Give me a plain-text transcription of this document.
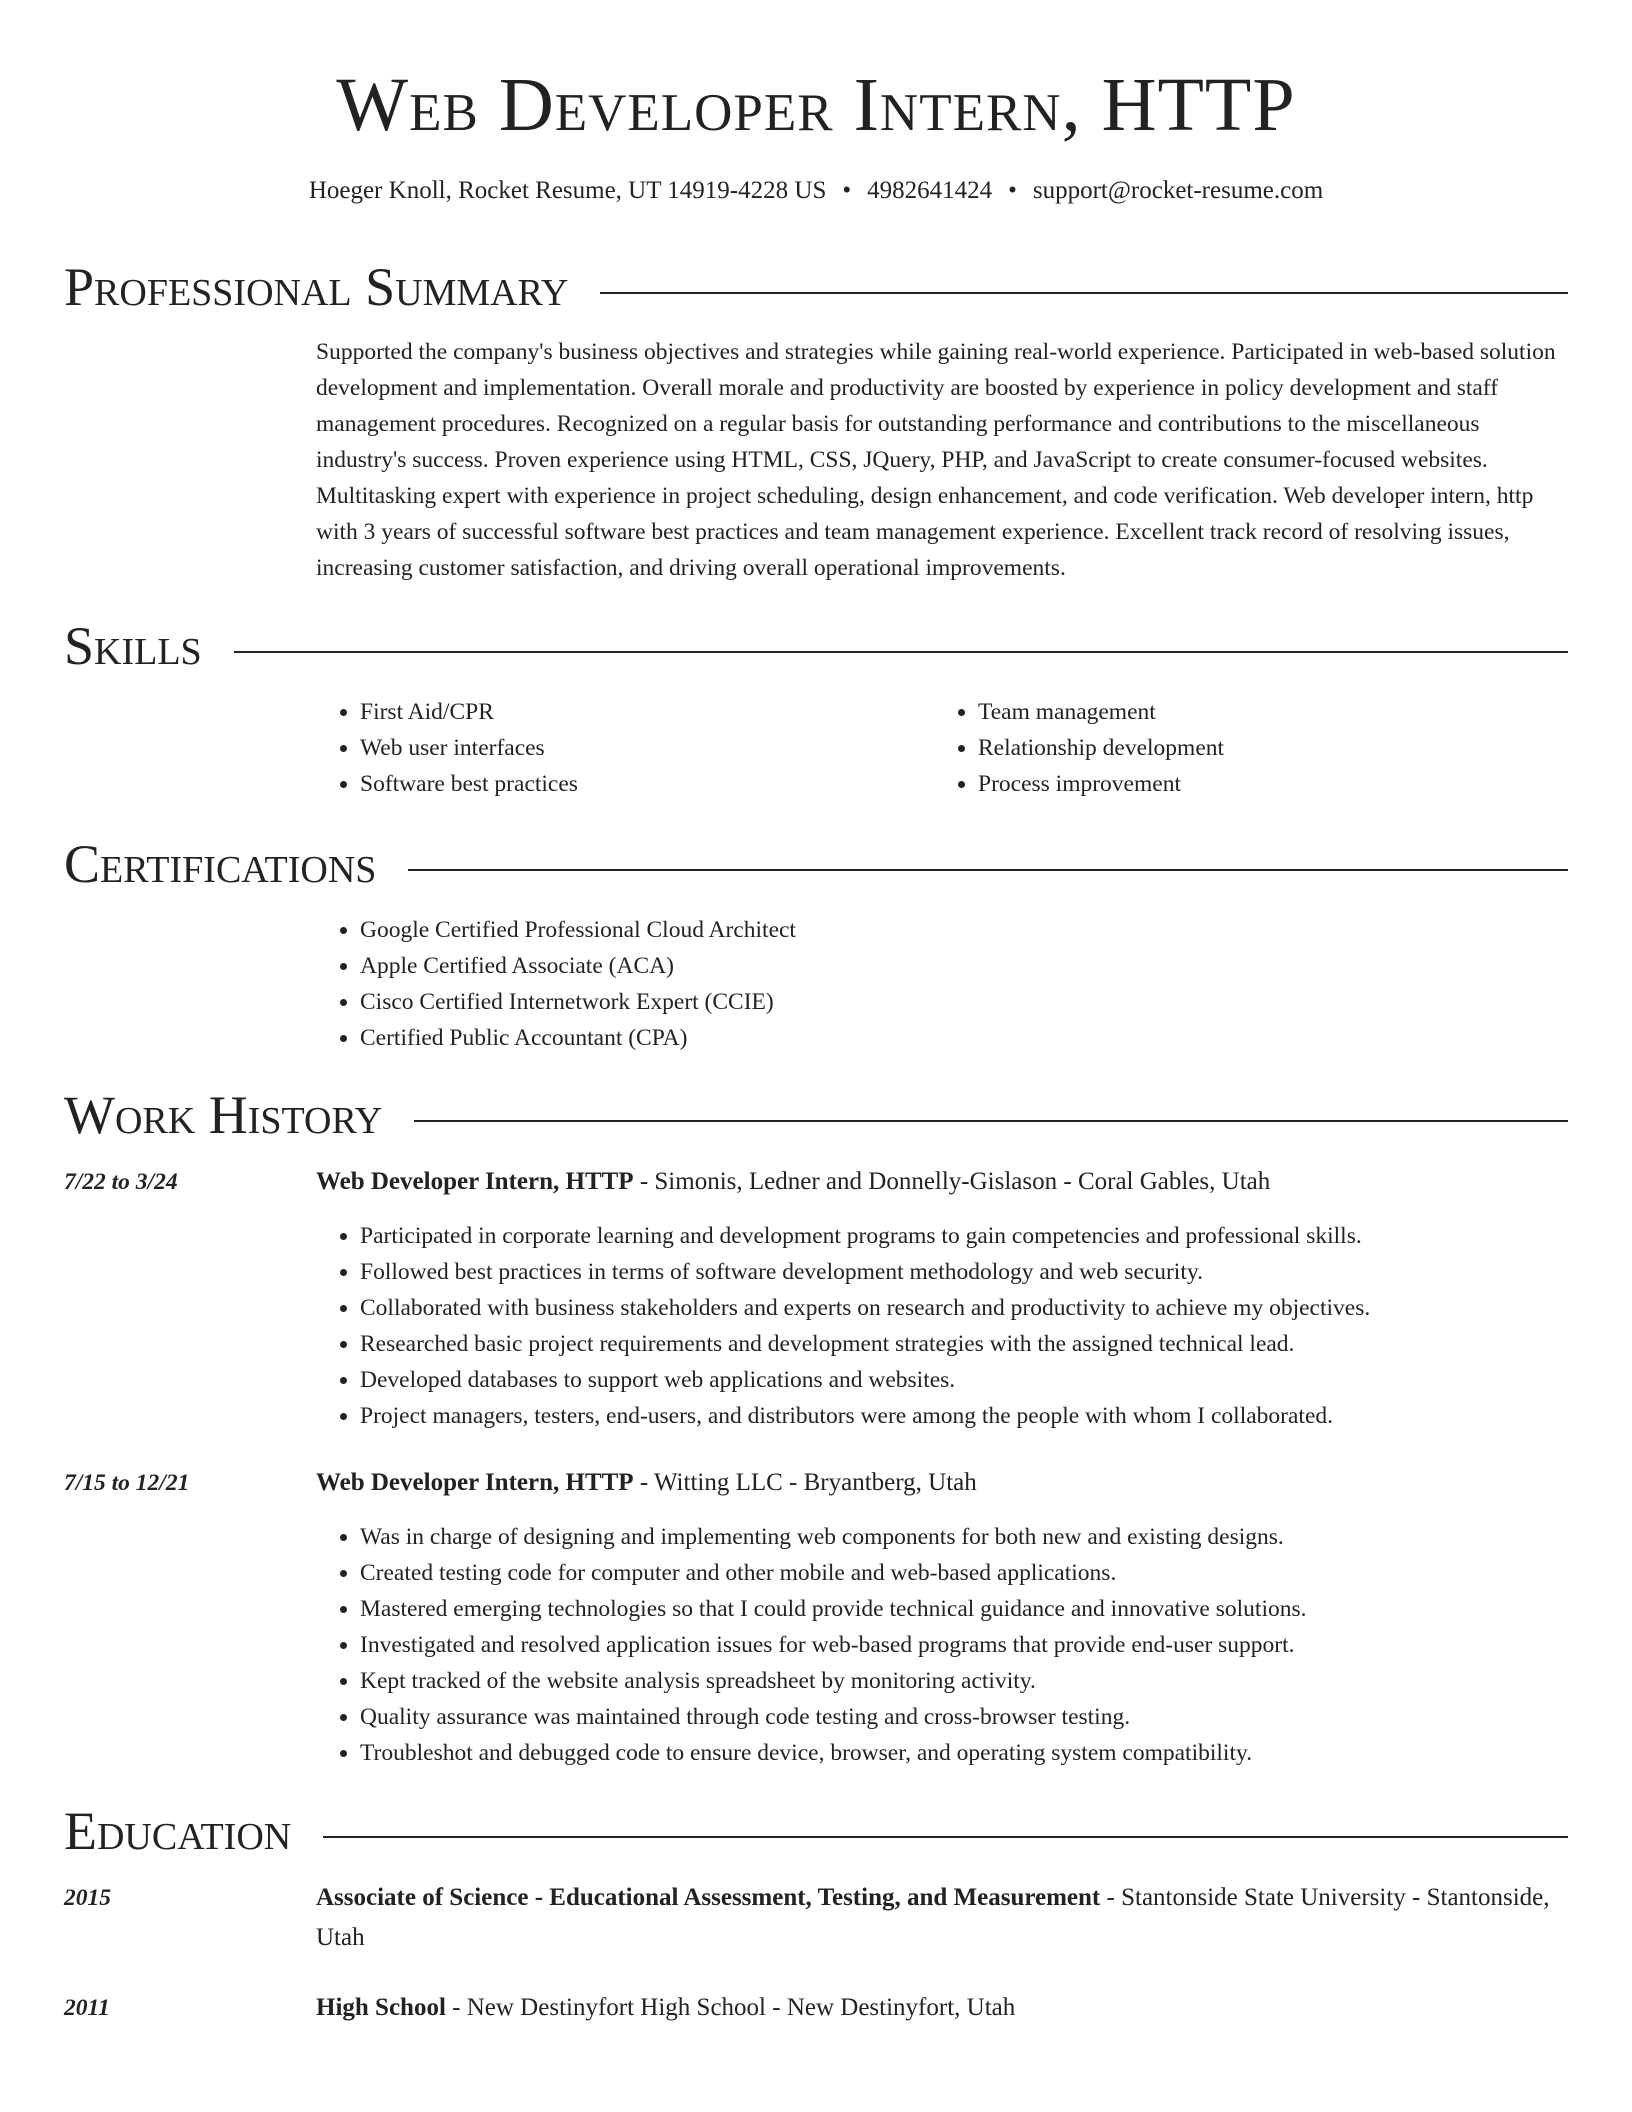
Web Developer Intern, HTTP
Hoeger Knoll, Rocket Resume, UT 14919-4228 US • 4982641424 • support@rocket-resume.com
Professional Summary

Supported the company's business objectives and strategies while gaining real-world experience. Participated in web-based solution development and implementation. Overall morale and productivity are boosted by experience in policy development and staff management procedures. Recognized on a regular basis for outstanding performance and contributions to the miscellaneous industry's success. Proven experience using HTML, CSS, JQuery, PHP, and JavaScript to create consumer-focused websites. Multitasking expert with experience in project scheduling, design enhancement, and code verification. Web developer intern, http with 3 years of successful software best practices and team management experience. Excellent track record of resolving issues, increasing customer satisfaction, and driving overall operational improvements.

Skills
• First Aid/CPR
• Web user interfaces
• Software best practices
• Team management
• Relationship development
• Process improvement
Certifications
• Google Certified Professional Cloud Architect
• Apple Certified Associate (ACA)
• Cisco Certified Internetwork Expert (CCIE)
• Certified Public Accountant (CPA)
Work History
7/22 to 3/24	Web Developer Intern, HTTP - Simonis, Ledner and Donnelly-Gislason - Coral Gables, Utah
• Participated in corporate learning and development programs to gain competencies and professional skills.
• Followed best practices in terms of software development methodology and web security.
• Collaborated with business stakeholders and experts on research and productivity to achieve my objectives.
• Researched basic project requirements and development strategies with the assigned technical lead.
• Developed databases to support web applications and websites.
• Project managers, testers, end-users, and distributors were among the people with whom I collaborated.
7/15 to 12/21	Web Developer Intern, HTTP - Witting LLC - Bryantberg, Utah
• Was in charge of designing and implementing web components for both new and existing designs.
• Created testing code for computer and other mobile and web-based applications.
• Mastered emerging technologies so that I could provide technical guidance and innovative solutions.
• Investigated and resolved application issues for web-based programs that provide end-user support.
• Kept tracked of the website analysis spreadsheet by monitoring activity.
• Quality assurance was maintained through code testing and cross-browser testing.
• Troubleshot and debugged code to ensure device, browser, and operating system compatibility.
Education
2015	Associate of Science - Educational Assessment, Testing, and Measurement - Stantonside State University - Stantonside, Utah
2011	High School - New Destinyfort High School - New Destinyfort, Utah
